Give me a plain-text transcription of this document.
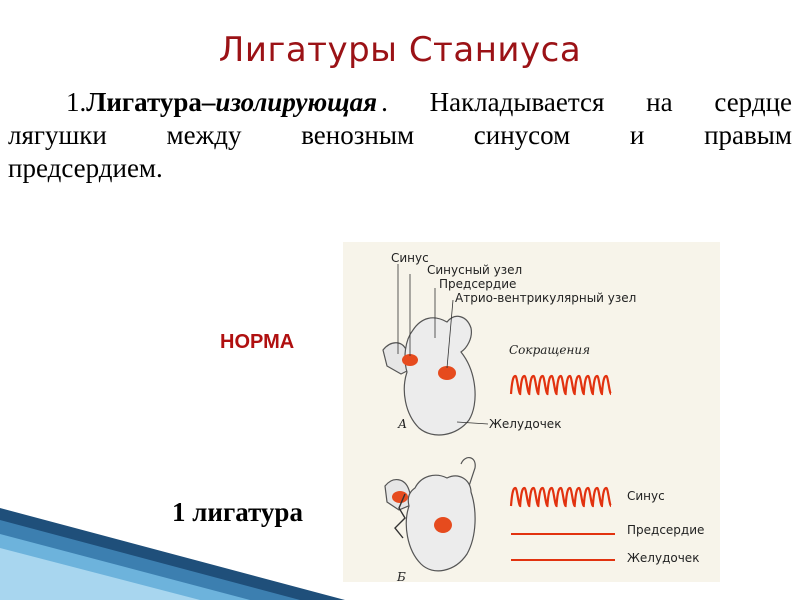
Лигатуры Станиуса
1.Лигатура–изолирующая . Накладывается на сердце
лягушки между венозным синусом и правым
предсердием.
НОРМА
1 лигатура
Синус
Синусный узел
Предсердие
Атрио-вентрикулярный узел
Сокращения
Желудочек
А
Б
Синус
Предсердие
Желудочек
